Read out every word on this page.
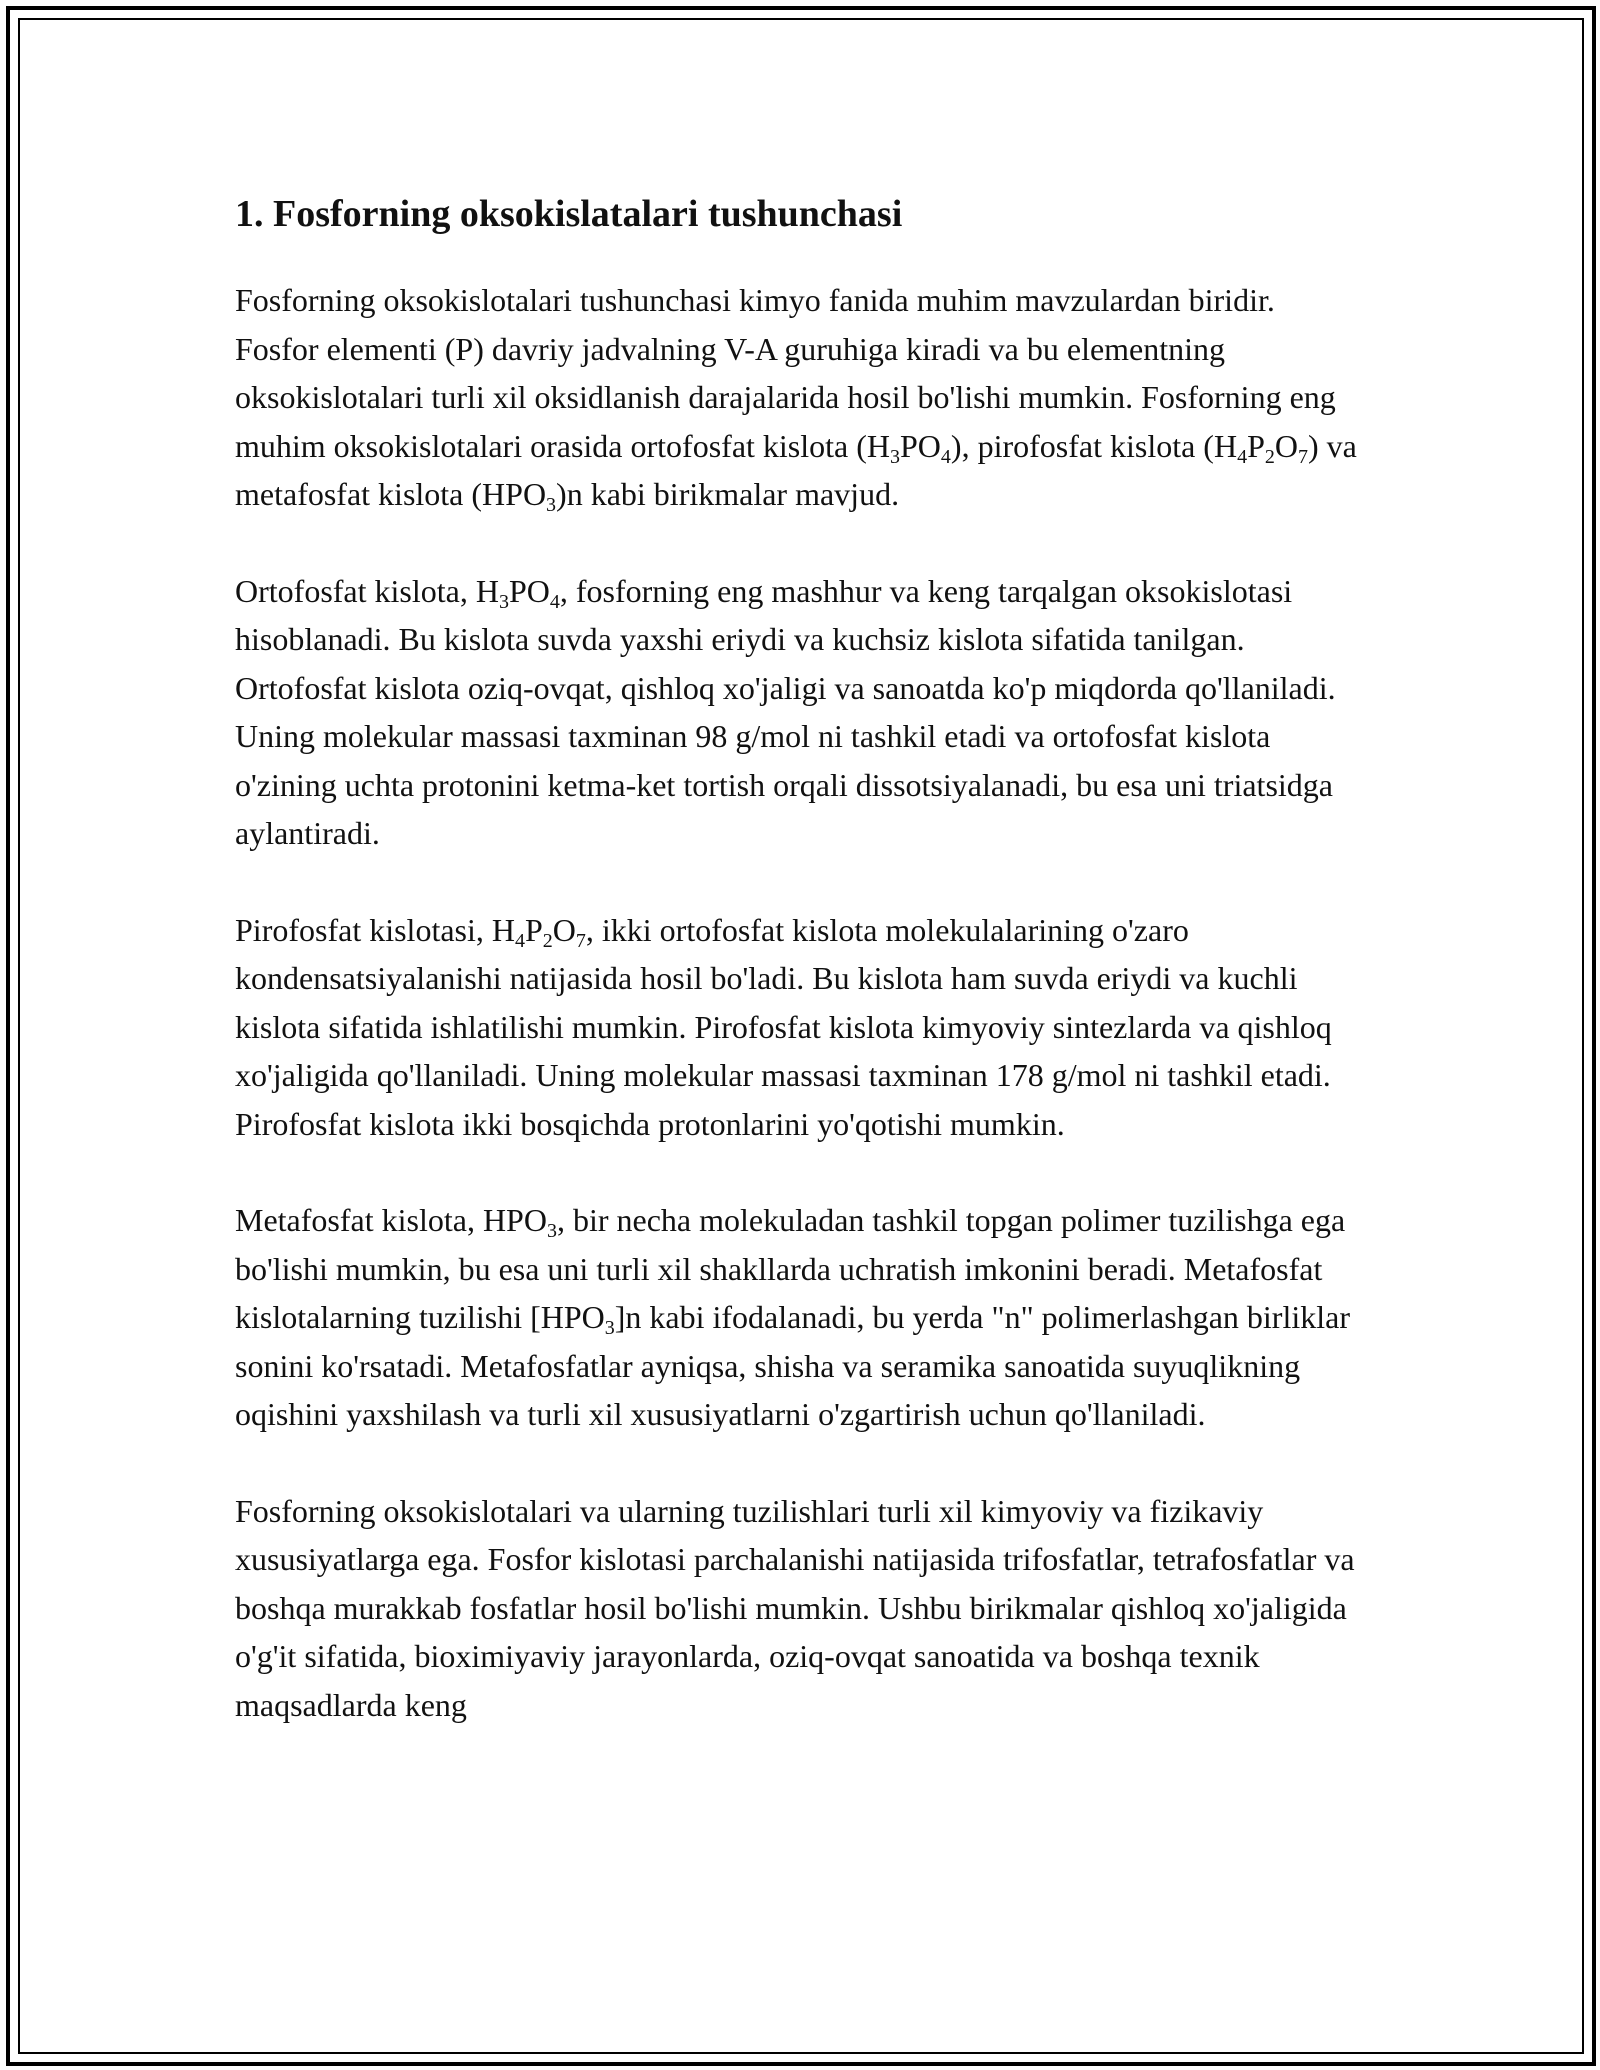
1. Fosforning oksokislatalari tushunchasi

Fosforning oksokislotalari tushunchasi kimyo fanida muhim mavzulardan biridir. Fosfor elementi (P) davriy jadvalning V-A guruhiga kiradi va bu elementning oksokislotalari turli xil oksidlanish darajalarida hosil bo'lishi mumkin. Fosforning eng muhim oksokislotalari orasida ortofosfat kislota $(H_3PO_4)$, pirofosfat kislota $(H_4P_2O_7)$ va metafosfat kislota $(HPO_3)n$ kabi birikmalar mavjud.

Ortofosfat kislota, $H_3PO_4$, fosforning eng mashhur va keng tarqalgan oksokislotasi hisoblanadi. Bu kislota suvda yaxshi eriydi va kuchsiz kislota sifatida tanilgan. Ortofosfat kislota oziq-ovqat, qishloq xo'jaligi va sanoatda ko'p miqdorda qo'llaniladi. Uning molekular massasi taxminan 98 g/mol ni tashkil etadi va ortofosfat kislota o'zining uchta protonini ketma-ket tortish orqali dissotsiyalanadi, bu esa uni triatsidga aylantiradi.

Pirofosfat kislotasi, $H_4P_2O_7$, ikki ortofosfat kislota molekulalarining o'zaro kondensatsiyalanishi natijasida hosil bo'ladi. Bu kislota ham suvda eriydi va kuchli kislota sifatida ishlatilishi mumkin. Pirofosfat kislota kimyoviy sintezlarda va qishloq xo'jaligida qo'llaniladi. Uning molekular massasi taxminan 178 g/mol ni tashkil etadi. Pirofosfat kislota ikki bosqichda protonlarini yo'qotishi mumkin.

Metafosfat kislota, $HPO_3$, bir necha molekuladan tashkil topgan polimer tuzilishga ega bo'lishi mumkin, bu esa uni turli xil shakllarda uchratish imkonini beradi. Metafosfat kislotalarning tuzilishi $[HPO_3]n$ kabi ifodalanadi, bu yerda "n" polimerlashgan birliklar sonini ko'rsatadi. Metafosfatlar ayniqsa, shisha va seramika sanoatida suyuqlikning oqishini yaxshilash va turli xil xususiyatlarni o'zgartirish uchun qo'llaniladi.

Fosforning oksokislotalari va ularning tuzilishlari turli xil kimyoviy va fizikaviy xususiyatlarga ega. Fosfor kislotasi parchalanishi natijasida trifosfatlar, tetrafosfatlar va boshqa murakkab fosfatlar hosil bo'lishi mumkin. Ushbu birikmalar qishloq xo'jaligida o'g'it sifatida, bioximiyaviy jarayonlarda, oziq-ovqat sanoatida va boshqa texnik maqsadlarda keng
